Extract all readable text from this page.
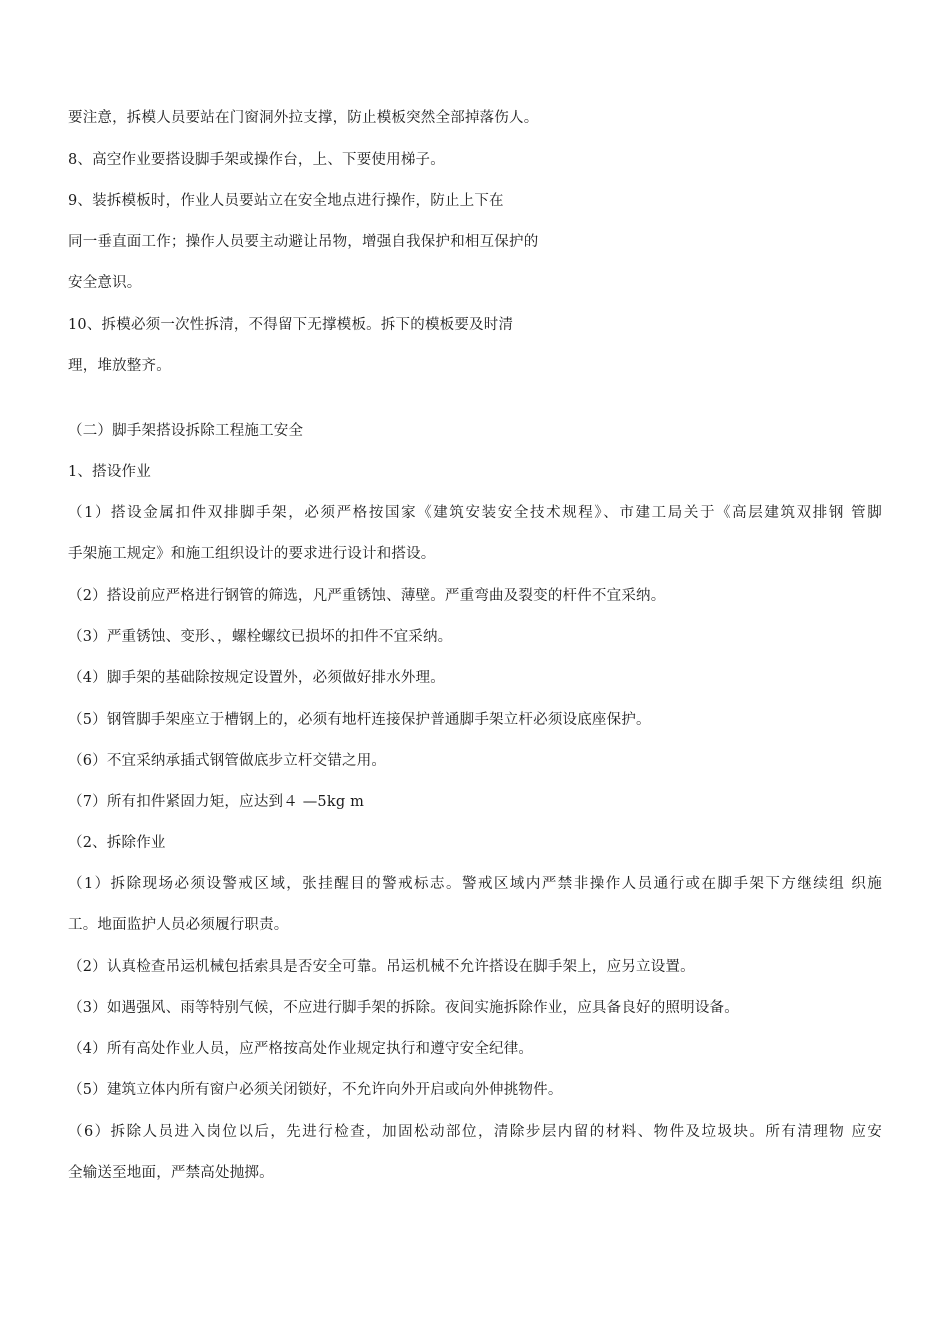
要注意，拆模人员要站在门窗洞外拉支撑，防止模板突然全部掉落伤人。
8、高空作业要搭设脚手架或操作台，上、下要使用梯子。
9、装拆模板时，作业人员要站立在安全地点进行操作，防止上下在
同一垂直面工作；操作人员要主动避让吊物，增强自我保护和相互保护的
安全意识。
10、拆模必须一次性拆清，不得留下无撑模板。拆下的模板要及时清
理，堆放整齐。
（二）脚手架搭设拆除工程施工安全
1、搭设作业
（1）搭设金属扣件双排脚手架，必须严格按国家《建筑安装安全技术规程》、市建工局关于《高层建筑双排钢 管脚
手架施工规定》和施工组织设计的要求进行设计和搭设。
（2）搭设前应严格进行钢管的筛选，凡严重锈蚀、薄壁。严重弯曲及裂变的杆件不宜采纳。
（3）严重锈蚀、变形、，螺栓螺纹已损坏的扣件不宜采纳。
（4）脚手架的基础除按规定设置外，必须做好排水外理。
（5）钢管脚手架座立于槽钢上的，必须有地杆连接保护普通脚手架立杆必须设底座保护。
（6）不宜采纳承插式钢管做底步立杆交错之用。
（7）所有扣件紧固力矩，应达到４ —5kg m
（2、拆除作业
（1）拆除现场必须设警戒区域，张挂醒目的警戒标志。警戒区域内严禁非操作人员通行或在脚手架下方继续组 织施
工。地面监护人员必须履行职责。
（2）认真检查吊运机械包括索具是否安全可靠。吊运机械不允许搭设在脚手架上，应另立设置。
（3）如遇强风、雨等特别气候，不应进行脚手架的拆除。夜间实施拆除作业，应具备良好的照明设备。
（4）所有高处作业人员，应严格按高处作业规定执行和遵守安全纪律。
（5）建筑立体内所有窗户必须关闭锁好，不允许向外开启或向外伸挑物件。
（6）拆除人员进入岗位以后，先进行检查，加固松动部位，清除步层内留的材料、物件及垃圾块。所有清理物 应安
全输送至地面，严禁高处抛掷。
